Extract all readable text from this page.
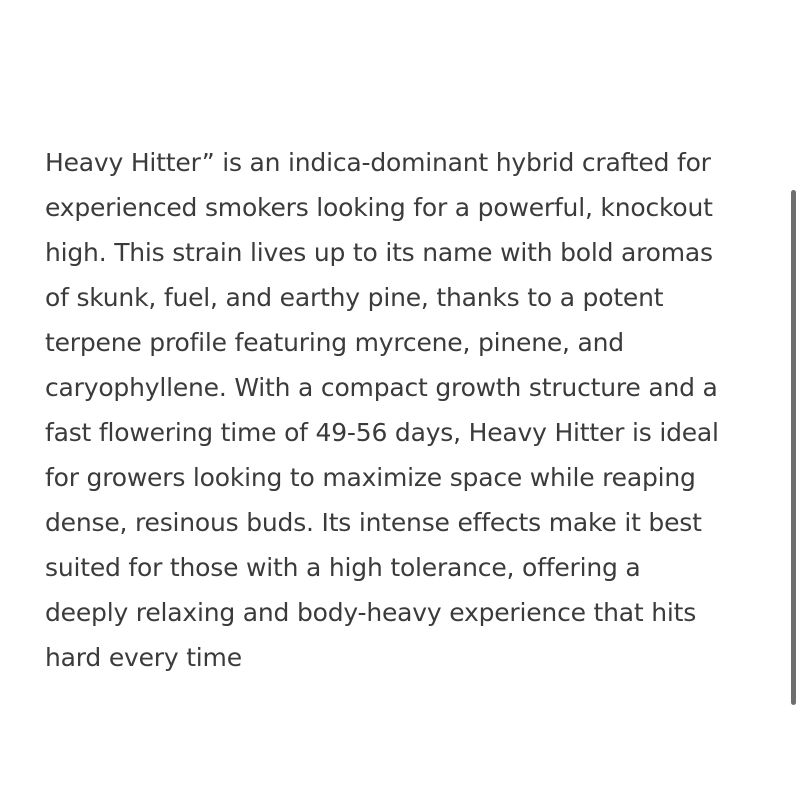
Heavy Hitter” is an indica-dominant hybrid crafted for
experienced smokers looking for a powerful, knockout
high. This strain lives up to its name with bold aromas
of skunk, fuel, and earthy pine, thanks to a potent
terpene profile featuring myrcene, pinene, and
caryophyllene. With a compact growth structure and a
fast flowering time of 49-56 days, Heavy Hitter is ideal
for growers looking to maximize space while reaping
dense, resinous buds. Its intense effects make it best
suited for those with a high tolerance, offering a
deeply relaxing and body-heavy experience that hits
hard every time
